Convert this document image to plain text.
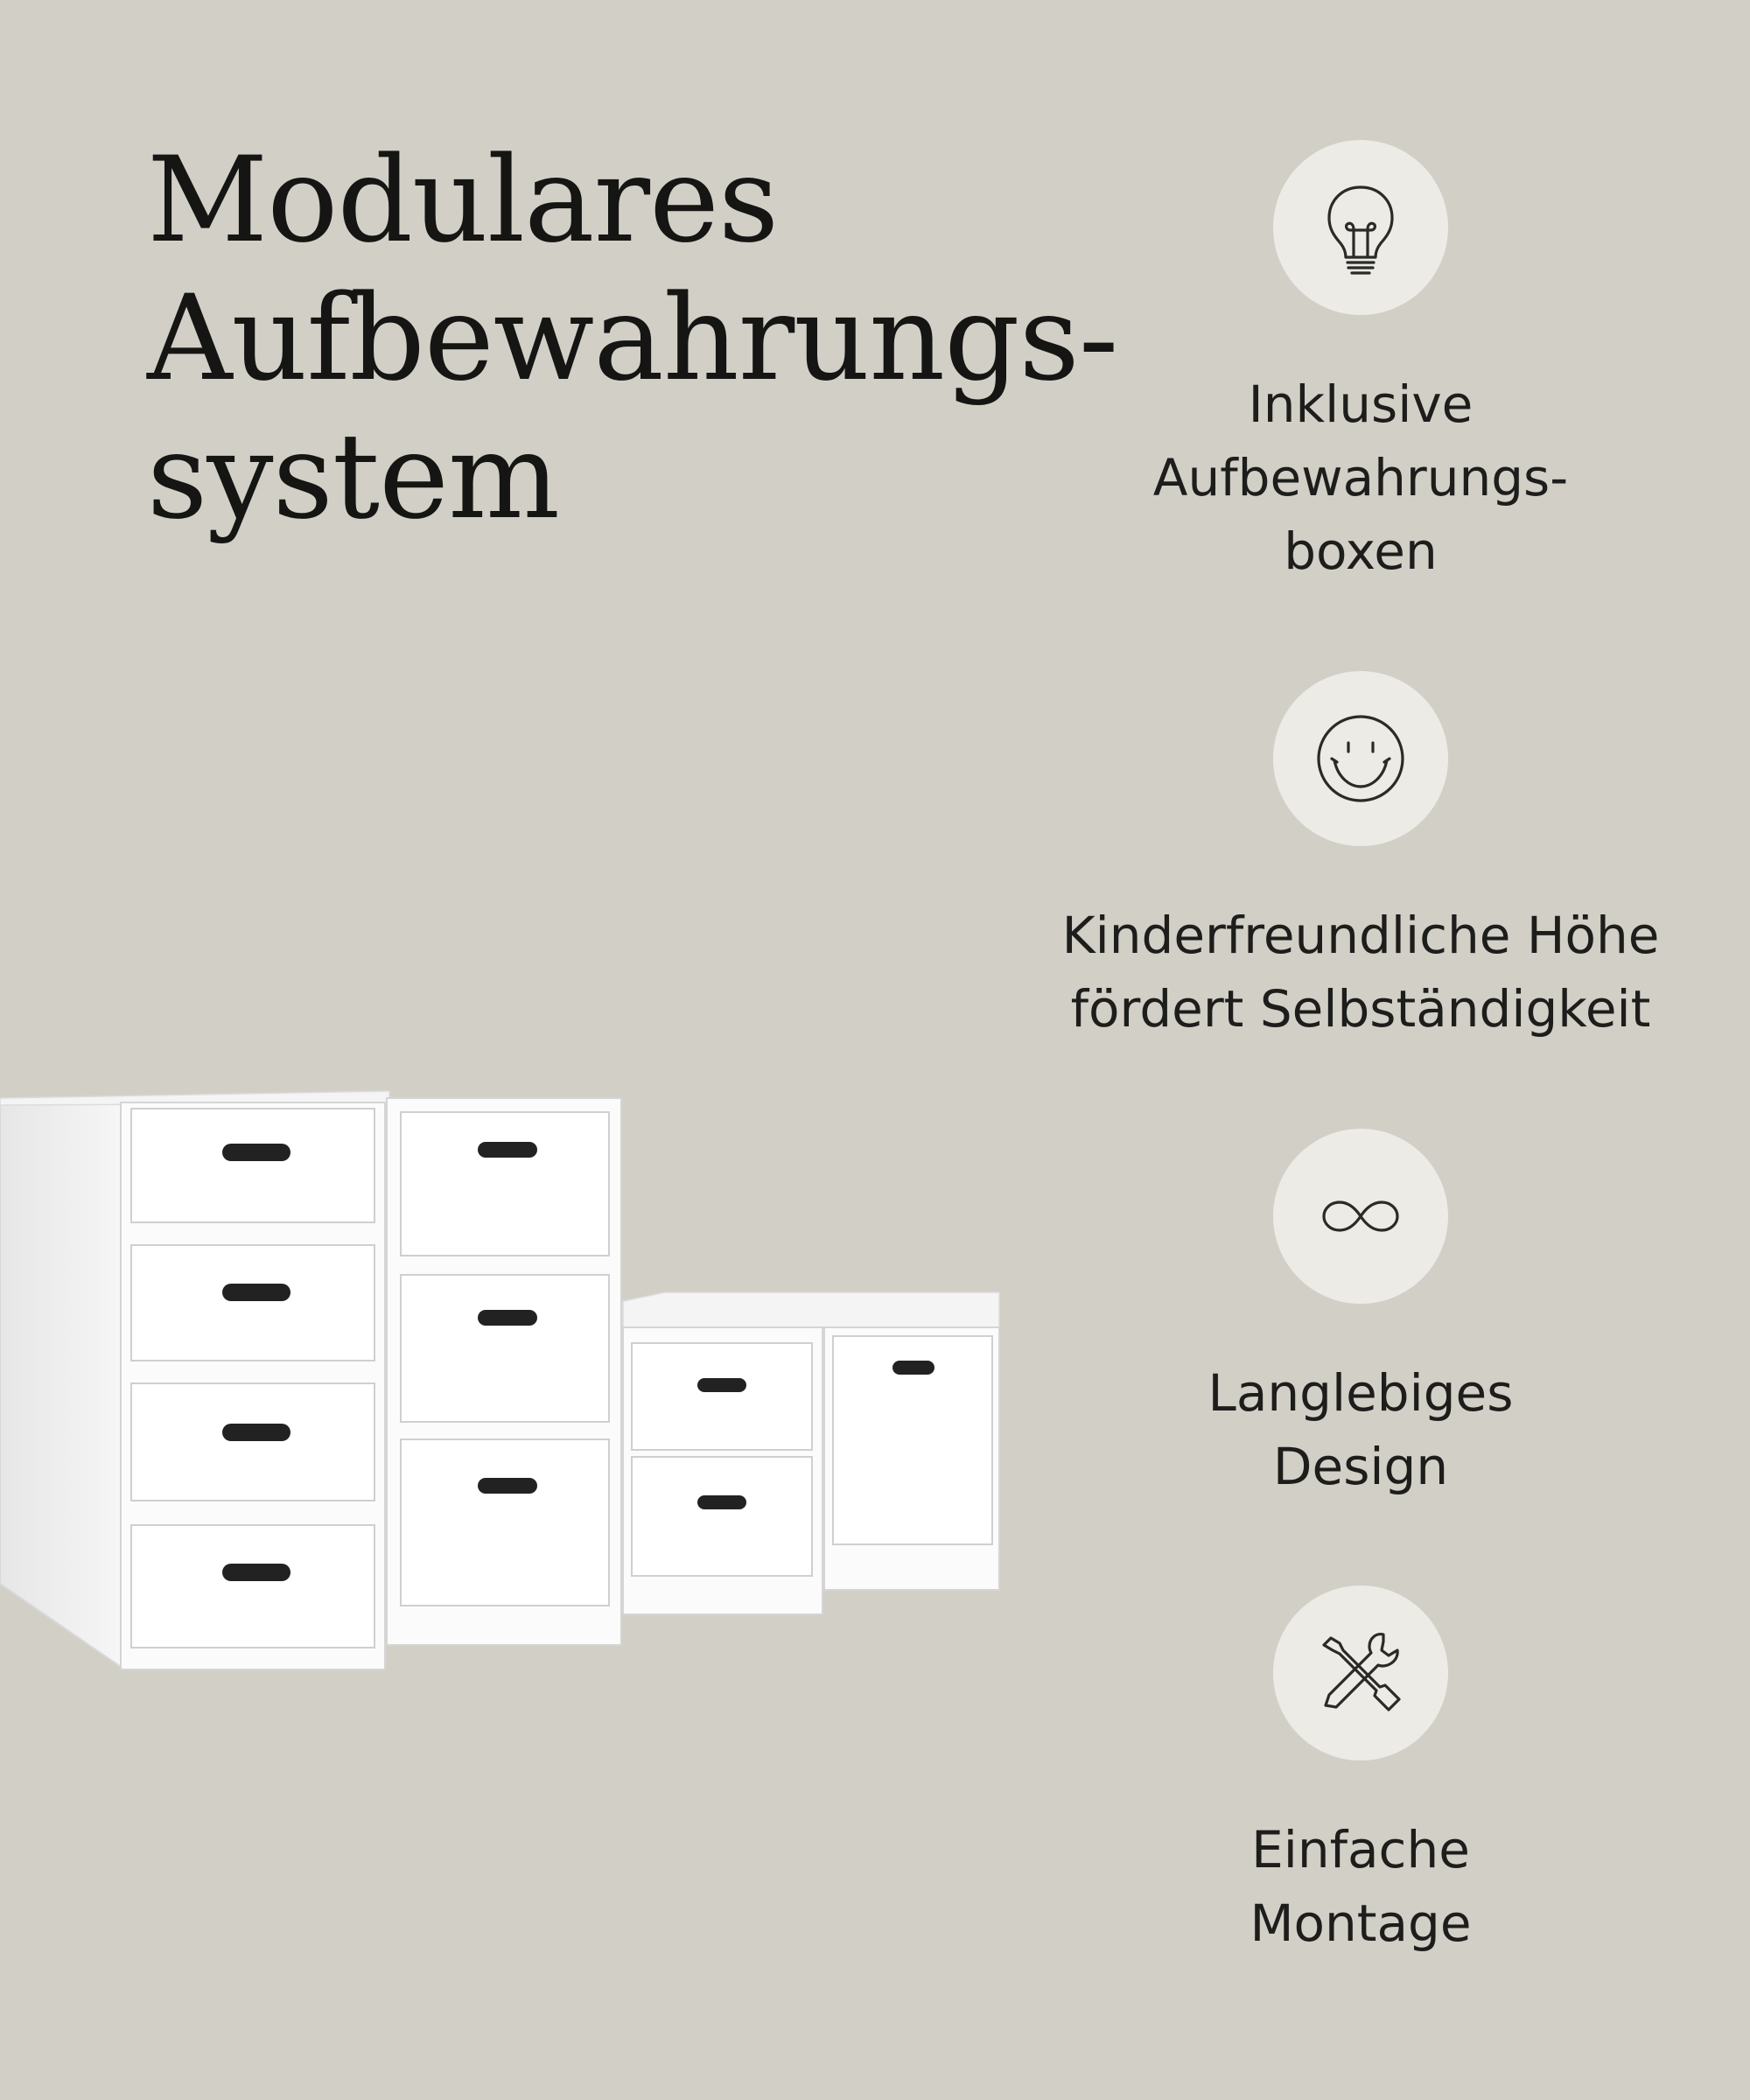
Modulares
Aufbewahrungs-
system
Inklusive
Aufbewahrungs-
boxen
Kinderfreundliche Höhe
fördert Selbständigkeit
Langlebiges
Design
Einfache
Montage
